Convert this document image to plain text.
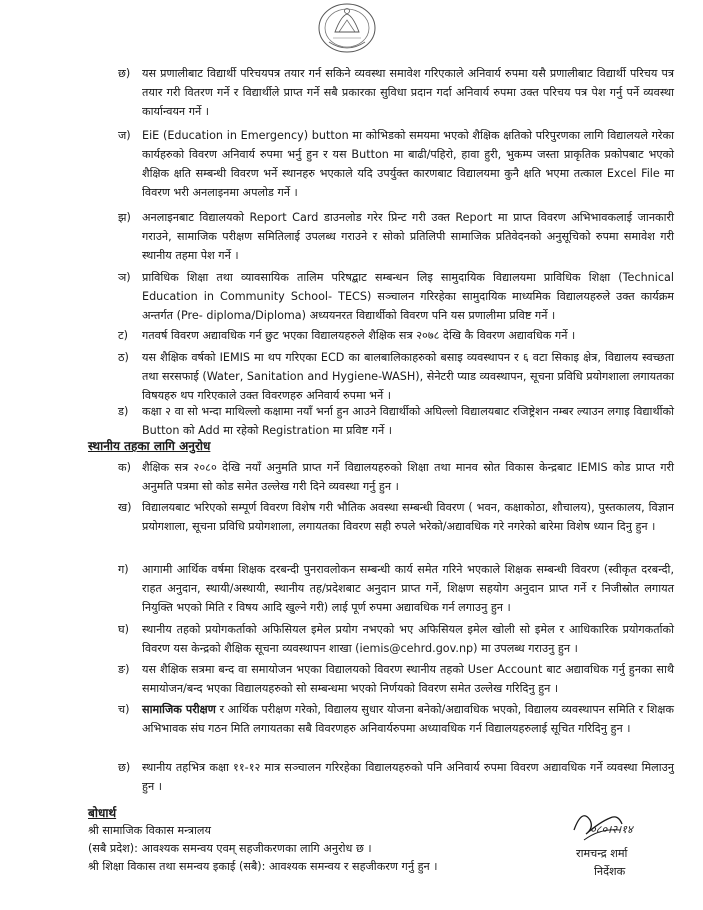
छ) यस प्रणालीबाट विद्यार्थी परिचयपत्र तयार गर्न सकिने व्यवस्था समावेश गरिएकाले अनिवार्य रुपमा यसै प्रणालीबाट विद्यार्थी परिचय पत्र तयार गरी वितरण गर्ने र विद्यार्थीले प्राप्त गर्ने सबै प्रकारका सुविधा प्रदान गर्दा अनिवार्य रुपमा उक्त परिचय पत्र पेश गर्नु पर्ने व्यवस्था कार्यान्वयन गर्ने ।
ज) EiE (Education in Emergency) button मा कोभिडको समयमा भएको शैक्षिक क्षतिको परिपुरणका लागि विद्यालयले गरेका कार्यहरुको विवरण अनिवार्य रुपमा भर्नु हुन र यस Button मा बाढी/पहिरो, हावा हुरी, भुकम्प जस्ता प्राकृतिक प्रकोपबाट भएको शैक्षिक क्षति सम्बन्धी विवरण भर्ने स्थानहरु भएकाले यदि उपर्युक्त कारणबाट विद्यालयमा कुनै क्षति भएमा तत्काल Excel File मा विवरण भरी अनलाइनमा अपलोड गर्ने ।
झ) अनलाइनबाट विद्यालयको Report Card डाउनलोड गरेर प्रिन्ट गरी उक्त Report मा प्राप्त विवरण अभिभावकलाई जानकारी गराउने, सामाजिक परीक्षण समितिलाई उपलब्ध गराउने र सोको प्रतिलिपी सामाजिक प्रतिवेदनको अनुसूचिको रुपमा समावेश गरी स्थानीय तहमा पेश गर्ने ।
ञ) प्राविधिक शिक्षा तथा व्यावसायिक तालिम परिषद्बाट सम्बन्धन लिइ सामुदायिक विद्यालयमा प्राविधिक शिक्षा (Technical Education in Community School- TECS) सञ्चालन गरिरहेका सामुदायिक माध्यमिक विद्यालयहरुले उक्त कार्यक्रम अन्तर्गत (Pre- diploma/Diploma) अध्ययनरत विद्यार्थीको विवरण पनि यस प्रणालीमा प्रविष्ट गर्ने ।
ट) गतवर्ष विवरण अद्यावधिक गर्न छुट भएका विद्यालयहरुले शैक्षिक सत्र २०७८ देखि कै विवरण अद्यावधिक गर्ने ।
ठ) यस शैक्षिक वर्षको IEMIS मा थप गरिएका ECD का बालबालिकाहरुको बसाइ व्यवस्थापन र ६ वटा सिकाइ क्षेत्र, विद्यालय स्वच्छता तथा सरसफाई (Water, Sanitation and Hygiene-WASH), सेनेटरी प्याड व्यवस्थापन, सूचना प्रविधि प्रयोगशाला लगायतका विषयहरु थप गरिएकाले उक्त विवरणहरु अनिवार्य रुपमा भर्ने ।
ड) कक्षा २ वा सो भन्दा माथिल्लो कक्षामा नयाँ भर्ना हुन आउने विद्यार्थीको अघिल्लो विद्यालयबाट रजिष्ट्रेशन नम्बर ल्याउन लगाइ विद्यार्थीको Button को Add मा रहेको Registration मा प्रविष्ट गर्ने ।
स्थानीय तहका लागि अनुरोध
क) शैक्षिक सत्र २०८० देखि नयाँ अनुमति प्राप्त गर्ने विद्यालयहरुको शिक्षा तथा मानव स्रोत विकास केन्द्रबाट IEMIS कोड प्राप्त गरी अनुमति पत्रमा सो कोड समेत उल्लेख गरी दिने व्यवस्था गर्नु हुन ।
ख) विद्यालयबाट भरिएको सम्पूर्ण विवरण विशेष गरी भौतिक अवस्था सम्बन्धी विवरण ( भवन, कक्षाकोठा, शौचालय), पुस्तकालय, विज्ञान प्रयोगशाला, सूचना प्रविधि प्रयोगशाला, लगायतका विवरण सही रुपले भरेको/अद्यावधिक गरे नगरेको बारेमा विशेष ध्यान दिनु हुन ।
ग) आगामी आर्थिक वर्षमा शिक्षक दरबन्दी पुनरावलोकन सम्बन्धी कार्य समेत गरिने भएकाले शिक्षक सम्बन्धी विवरण (स्वीकृत दरबन्दी, राहत अनुदान, स्थायी/अस्थायी, स्थानीय तह/प्रदेशबाट अनुदान प्राप्त गर्ने, शिक्षण सहयोग अनुदान प्राप्त गर्ने र निजीस्रोत लगायत नियुक्ति भएको मिति र विषय आदि खुल्ने गरी) लाई पूर्ण रुपमा अद्यावधिक गर्न लगाउनु हुन ।
घ) स्थानीय तहको प्रयोगकर्ताको अफिसियल इमेल प्रयोग नभएको भए अफिसियल इमेल खोली सो इमेल र आधिकारिक प्रयोगकर्ताको विवरण यस केन्द्रको शैक्षिक सूचना व्यवस्थापन शाखा (iemis@cehrd.gov.np) मा उपलब्ध गराउनु हुन ।
ङ) यस शैक्षिक सत्रमा बन्द वा समायोजन भएका विद्यालयको विवरण स्थानीय तहको User Account बाट अद्यावधिक गर्नु हुनका साथै समायोजन/बन्द भएका विद्यालयहरुको सो सम्बन्धमा भएको निर्णयको विवरण समेत उल्लेख गरिदिनु हुन ।
च) सामाजिक परीक्षण र आर्थिक परीक्षण गरेको, विद्यालय सुधार योजना बनेको/अद्यावधिक भएको, विद्यालय व्यवस्थापन समिति र शिक्षक अभिभावक संघ गठन मिति लगायतका सबै विवरणहरु अनिवार्यरुपमा अध्यावधिक गर्न विद्यालयहरुलाई सूचित गरिदिनु हुन ।
छ) स्थानीय तहभित्र कक्षा ११-१२ मात्र सञ्चालन गरिरहेका विद्यालयहरुको पनि अनिवार्य रुपमा विवरण अद्यावधिक गर्ने व्यवस्था मिलाउनु हुन ।
बोधार्थ
श्री सामाजिक विकास मन्त्रालय
(सबै प्रदेश): आवश्यक समन्वय एवम् सहजीकरणका लागि अनुरोध छ ।
श्री शिक्षा विकास तथा समन्वय इकाई (सबै): आवश्यक समन्वय र सहजीकरण गर्नु हुन ।
०८०।२।१४
रामचन्द्र शर्मा
निर्देशक
